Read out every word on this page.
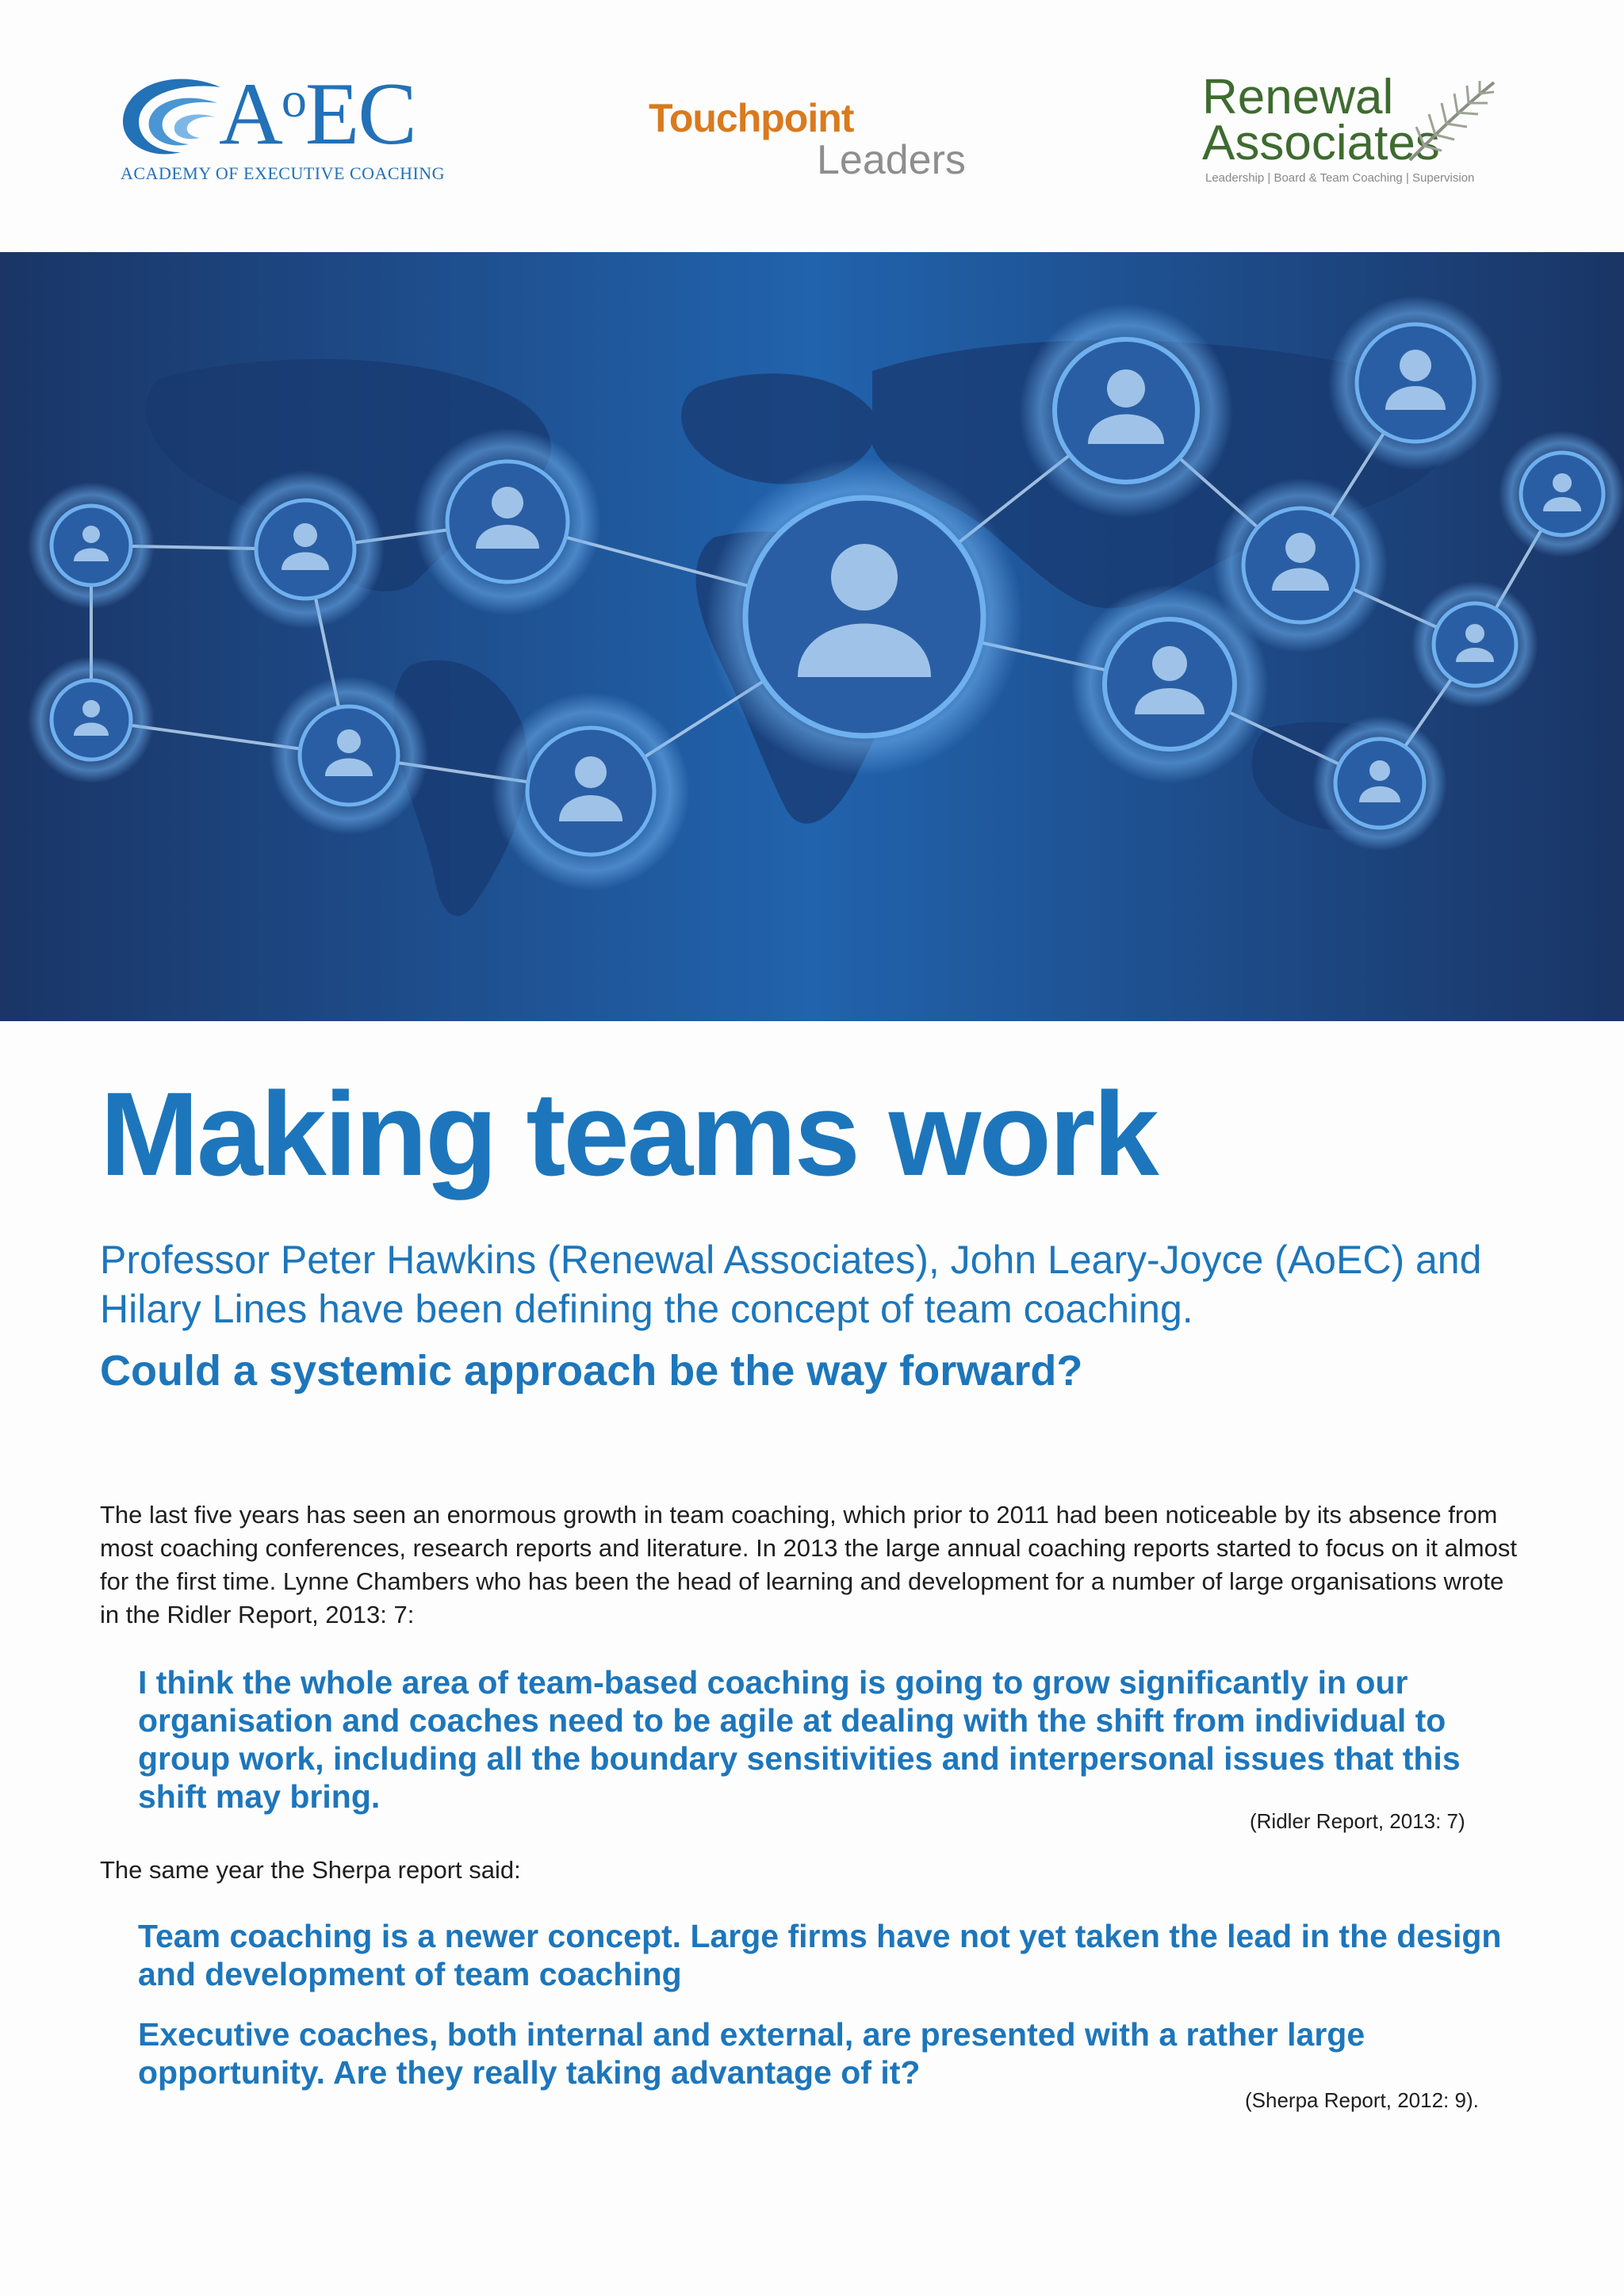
$A^oEC$
ACADEMY OF EXECUTIVE COACHING
Touchpoint
Leaders
Renewal
Associates
Leadership | Board & Team Coaching | Supervision
Making teams work
Professor Peter Hawkins (Renewal Associates), John Leary-Joyce (AoEC) and Hilary Lines have been defining the concept of team coaching.
Could a systemic approach be the way forward?

The last five years has seen an enormous growth in team coaching, which prior to 2011 had been noticeable by its absence from most coaching conferences, research reports and literature. In 2013 the large annual coaching reports started to focus on it almost for the first time. Lynne Chambers who has been the head of learning and development for a number of large organisations wrote in the Ridler Report, 2013: 7:

I think the whole area of team-based coaching is going to grow significantly in our organisation and coaches need to be agile at dealing with the shift from individual to group work, including all the boundary sensitivities and interpersonal issues that this shift may bring.

(Ridler Report, 2013: 7)

The same year the Sherpa report said:

Team coaching is a newer concept. Large firms have not yet taken the lead in the design and development of team coaching

Executive coaches, both internal and external, are presented with a rather large opportunity. Are they really taking advantage of it?

(Sherpa Report, 2012: 9).
